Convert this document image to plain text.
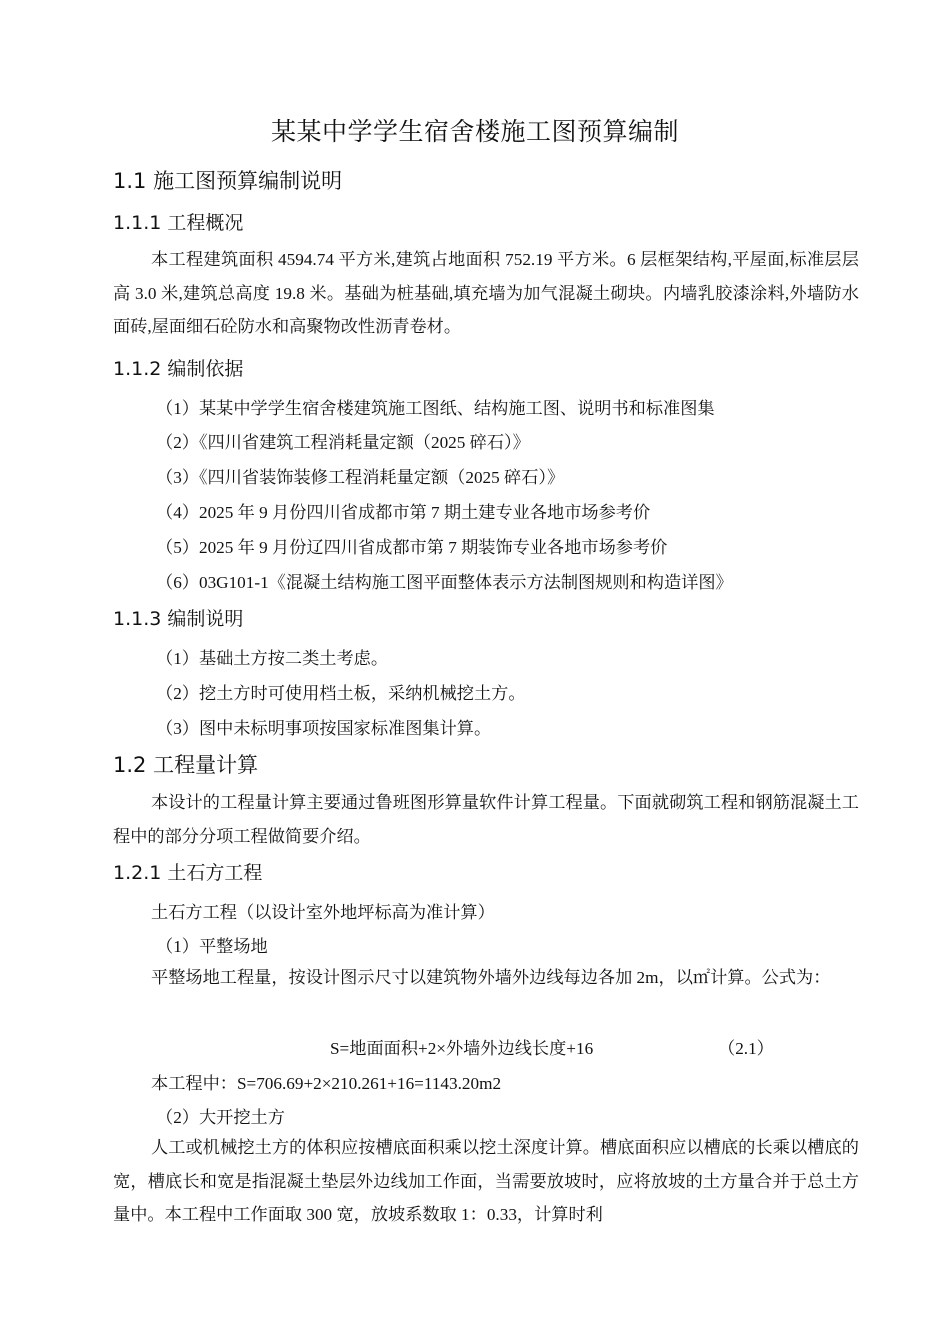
某某中学学生宿舍楼施工图预算编制
1.1 施工图预算编制说明
1.1.1 工程概况
本工程建筑面积 4594.74 平方米,建筑占地面积 752.19 平方米。6 层框架结构,平屋面,标准层层高 3.0 米,建筑总高度 19.8 米。基础为桩基础,填充墙为加气混凝土砌块。内墙乳胶漆涂料,外墙防水面砖,屋面细石砼防水和高聚物改性沥青卷材。
1.1.2 编制依据
（1）某某中学学生宿舍楼建筑施工图纸、结构施工图、说明书和标准图集
（2）《四川省建筑工程消耗量定额（2025 碎石）》
（3）《四川省装饰装修工程消耗量定额（2025 碎石）》
（4）2025 年 9 月份四川省成都市第 7 期土建专业各地市场参考价
（5）2025 年 9 月份辽四川省成都市第 7 期装饰专业各地市场参考价
（6）03G101-1《混凝土结构施工图平面整体表示方法制图规则和构造详图》
1.1.3 编制说明
（1）基础土方按二类土考虑。
（2）挖土方时可使用档土板，采纳机械挖土方。
（3）图中未标明事项按国家标准图集计算。
1.2 工程量计算
本设计的工程量计算主要通过鲁班图形算量软件计算工程量。下面就砌筑工程和钢筋混凝土工程中的部分分项工程做简要介绍。
1.2.1 土石方工程
土石方工程（以设计室外地坪标高为准计算）
（1）平整场地
平整场地工程量，按设计图示尺寸以建筑物外墙外边线每边各加 2m，以㎡计算。公式为：
S=地面面积+2×外墙外边线长度+16	（2.1）
本工程中：S=706.69+2×210.261+16=1143.20m2
（2）大开挖土方
人工或机械挖土方的体积应按槽底面积乘以挖土深度计算。槽底面积应以槽底的长乘以槽底的宽，槽底长和宽是指混凝土垫层外边线加工作面，当需要放坡时，应将放坡的土方量合并于总土方量中。本工程中工作面取 300 宽，放坡系数取 1：0.33，计算时利
